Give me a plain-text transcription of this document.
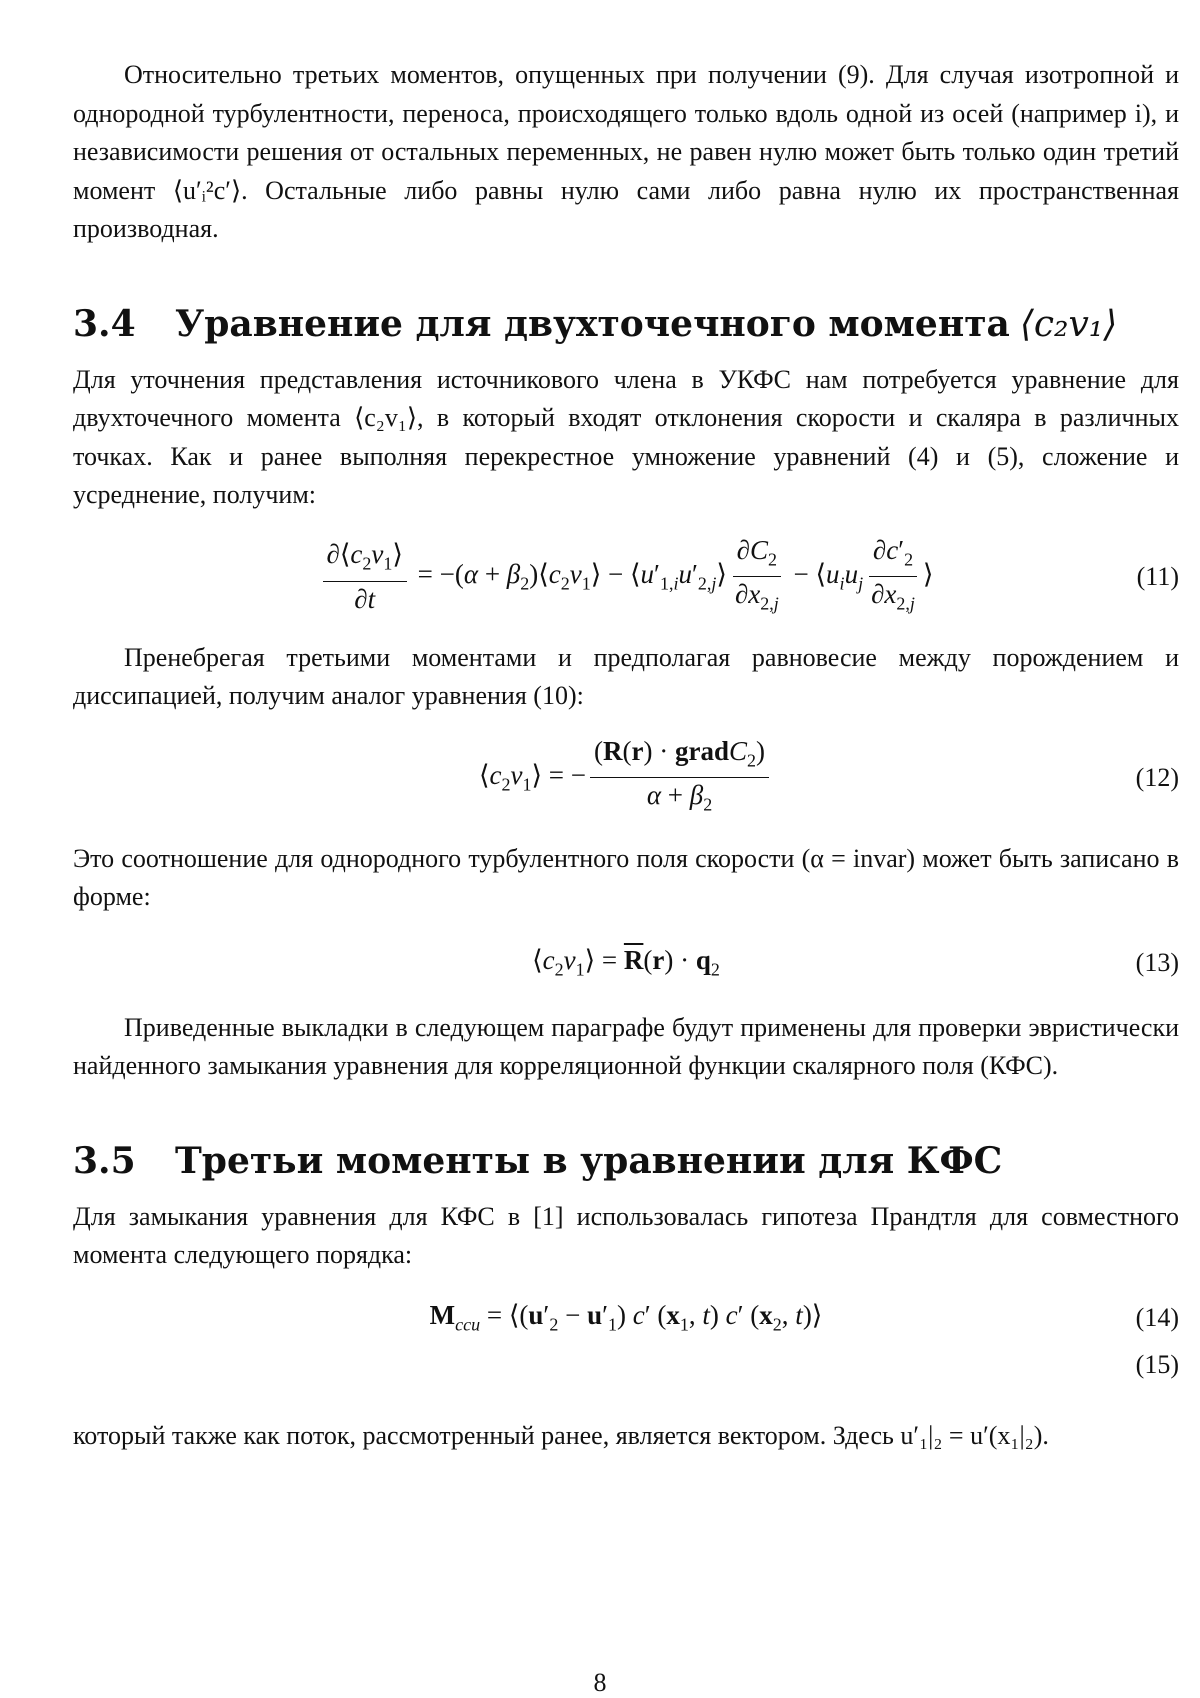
Относительно третьих моментов, опущенных при получении (9). Для случая изотропной и однородной турбулентности, переноса, происходящего только вдоль одной из осей (например i), и независимости решения от остальных переменных, не равен нулю может быть только один третий момент ⟨u′ᵢ²c′⟩. Остальные либо равны нулю сами либо равна нулю их пространственная производная.

3.4	Уравнение для двухточечного момента ⟨c₂v₁⟩

Для уточнения представления источникового члена в УКФС нам потребуется уравнение для двухточечного момента ⟨c₂v₁⟩, в который входят отклонения скорости и скаляра в различных точках. Как и ранее выполняя перекрестное умножение уравнений (4) и (5), сложение и усреднение, получим:

$\frac{\partial⟨c_2v_1⟩}{\partial t} = -(\alpha$ + $\beta_2)⟨c_2v_1⟩$ − $⟨u'_{1,i}u'_{2,j}⟩ \frac{\partial C_2}{\partial x_{2,j}}$ − $⟨u_iu_j \frac{\partial c'_2}{\partial x_{2,j}}$ ⟩	(11)

Пренебрегая третьими моментами и предполагая равновесие между порождением и диссипацией, получим аналог уравнения (10):

$⟨c_2v_1⟩$ = − $\frac{(R(r) \cdot gradC_2)}{\alpha + \beta_2}$	(12)

Это соотношение для однородного турбулентного поля скорости (α = invar) может быть записано в форме:

$⟨c_2v_1⟩ = \overline{R}(r) \cdot q_2$	(13)

Приведенные выкладки в следующем параграфе будут применены для проверки эвристически найденного замыкания уравнения для корреляционной функции скалярного поля (КФС).

3.5	Третьи моменты в уравнении для КФС

Для замыкания уравнения для КФС в [1] использовалась гипотеза Прандтля для совместного момента следующего порядка:

$M_{ccu}$ = $⟨(u'_2 - u'_1)$ c′ ($x_1$, t) c′ ($x_2$, t)⟩	(14)
(15)

который также как поток, рассмотренный ранее, является вектором. Здесь u′₁|₂ = u′(x₁|₂).

8
